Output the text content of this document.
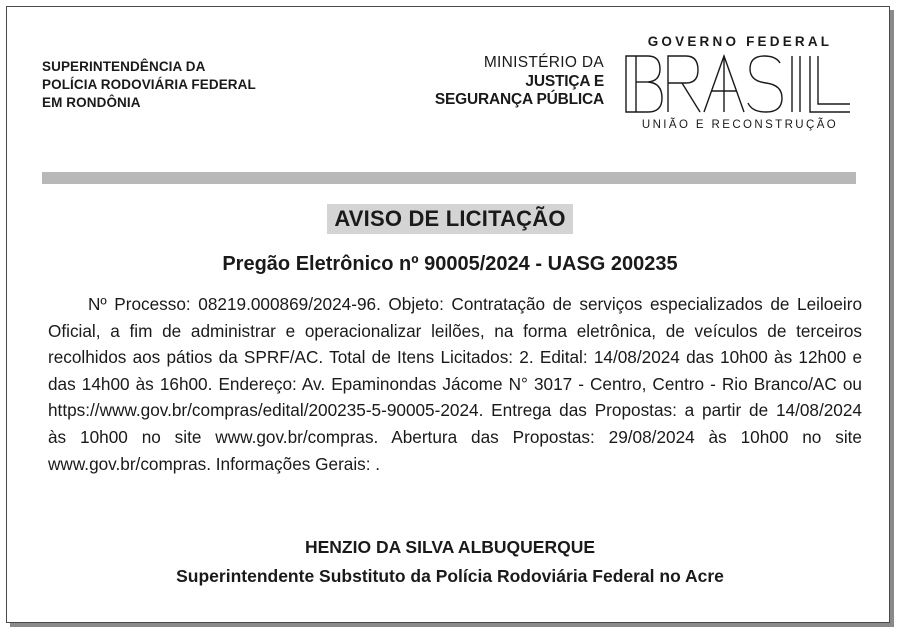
SUPERINTENDÊNCIA DA
POLÍCIA RODOVIÁRIA FEDERAL
EM RONDÔNIA
MINISTÉRIO DA
JUSTIÇA E
SEGURANÇA PÚBLICA
GOVERNO FEDERAL
UNIÃO E RECONSTRUÇÃO
AVISO DE LICITAÇÃO
Pregão Eletrônico nº 90005/2024 - UASG 200235
Nº Processo: 08219.000869/2024-96. Objeto: Contratação de serviços especializados de Leiloeiro Oficial, a fim de administrar e operacionalizar leilões, na forma eletrônica, de veículos de terceiros recolhidos aos pátios da SPRF/AC. Total de Itens Licitados: 2. Edital: 14/08/2024 das 10h00 às 12h00 e das 14h00 às 16h00. Endereço: Av. Epaminondas Jácome N° 3017 - Centro, Centro - Rio Branco/AC ou https://www.gov.br/compras/edital/200235-5-90005-2024. Entrega das Propostas: a partir de 14/08/2024 às 10h00 no site www.gov.br/compras. Abertura das Propostas: 29/08/2024 às 10h00 no site www.gov.br/compras. Informações Gerais: .
HENZIO DA SILVA ALBUQUERQUE
Superintendente Substituto da Polícia Rodoviária Federal no Acre
